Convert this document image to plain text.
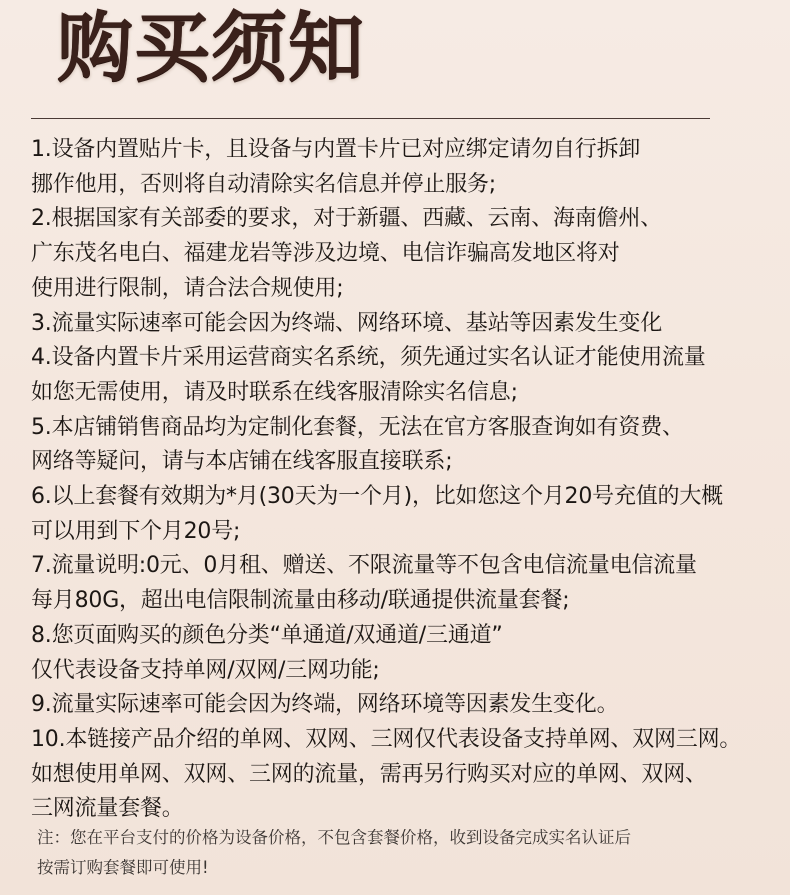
购买须知
1.设备内置贴片卡，且设备与内置卡片已对应绑定请勿自行拆卸
挪作他用，否则将自动清除实名信息并停止服务;
2.根据国家有关部委的要求，对于新疆、西藏、云南、海南儋州、
广东茂名电白、福建龙岩等涉及边境、电信诈骗高发地区将对
使用进行限制，请合法合规使用;
3.流量实际速率可能会因为终端、网络环境、基站等因素发生变化
4.设备内置卡片采用运营商实名系统，须先通过实名认证才能使用流量
如您无需使用，请及时联系在线客服清除实名信息;
5.本店铺销售商品均为定制化套餐，无法在官方客服查询如有资费、
网络等疑问，请与本店铺在线客服直接联系;
6.以上套餐有效期为*月(30天为一个月)，比如您这个月20号充值的大概
可以用到下个月20号;
7.流量说明:0元、0月租、赠送、不限流量等不包含电信流量电信流量
每月80G，超出电信限制流量由移动/联通提供流量套餐;
8.您页面购买的颜色分类“单通道/双通道/三通道”
仅代表设备支持单网/双网/三网功能;
9.流量实际速率可能会因为终端，网络环境等因素发生变化。
10.本链接产品介绍的单网、双网、三网仅代表设备支持单网、双网三网。
如想使用单网、双网、三网的流量，需再另行购买对应的单网、双网、
三网流量套餐。
注：您在平台支付的价格为设备价格，不包含套餐价格，收到设备完成实名认证后
按需订购套餐即可使用!
